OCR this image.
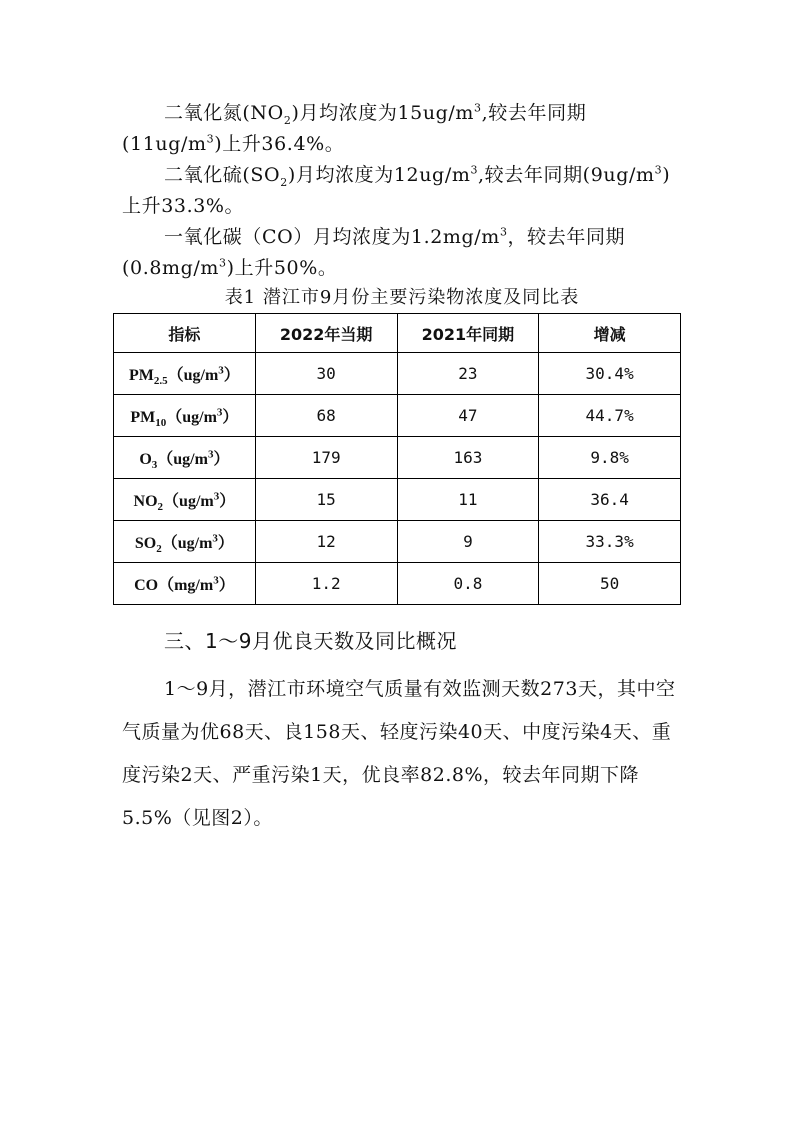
二氧化氮$(NO_2)$月均浓度为$15ug/m^3$,较去年同期$(11ug/m^3)$上升36.4%。

二氧化硫$(SO_2)$月均浓度为$12ug/m^3$,较去年同期$(9ug/m^3)$上升33.3%。

一氧化碳（CO）月均浓度为$1.2mg/m^3$，较去年同期$(0.8mg/m^3)$上升50%。

表1 潜江市9月份主要污染物浓度及同比表

指标	2022年当期	2021年同期	增减
$PM_{2.5}(ug/m^3)$	30	23	30.4%
$PM_{10}(ug/m^3)$	68	47	44.7%
$O_3(ug/m^3)$	179	163	9.8%
$NO_2(ug/m^3)$	15	11	36.4
$SO_2(ug/m^3)$	12	9	33.3%
$CO(mg/m^3)$	1.2	0.8	50
三、1～9月优良天数及同比概况

1～9月，潜江市环境空气质量有效监测天数273天，其中空气质量为优68天、良158天、轻度污染40天、中度污染4天、重度污染2天、严重污染1天，优良率82.8%，较去年同期下降5.5%（见图2）。
